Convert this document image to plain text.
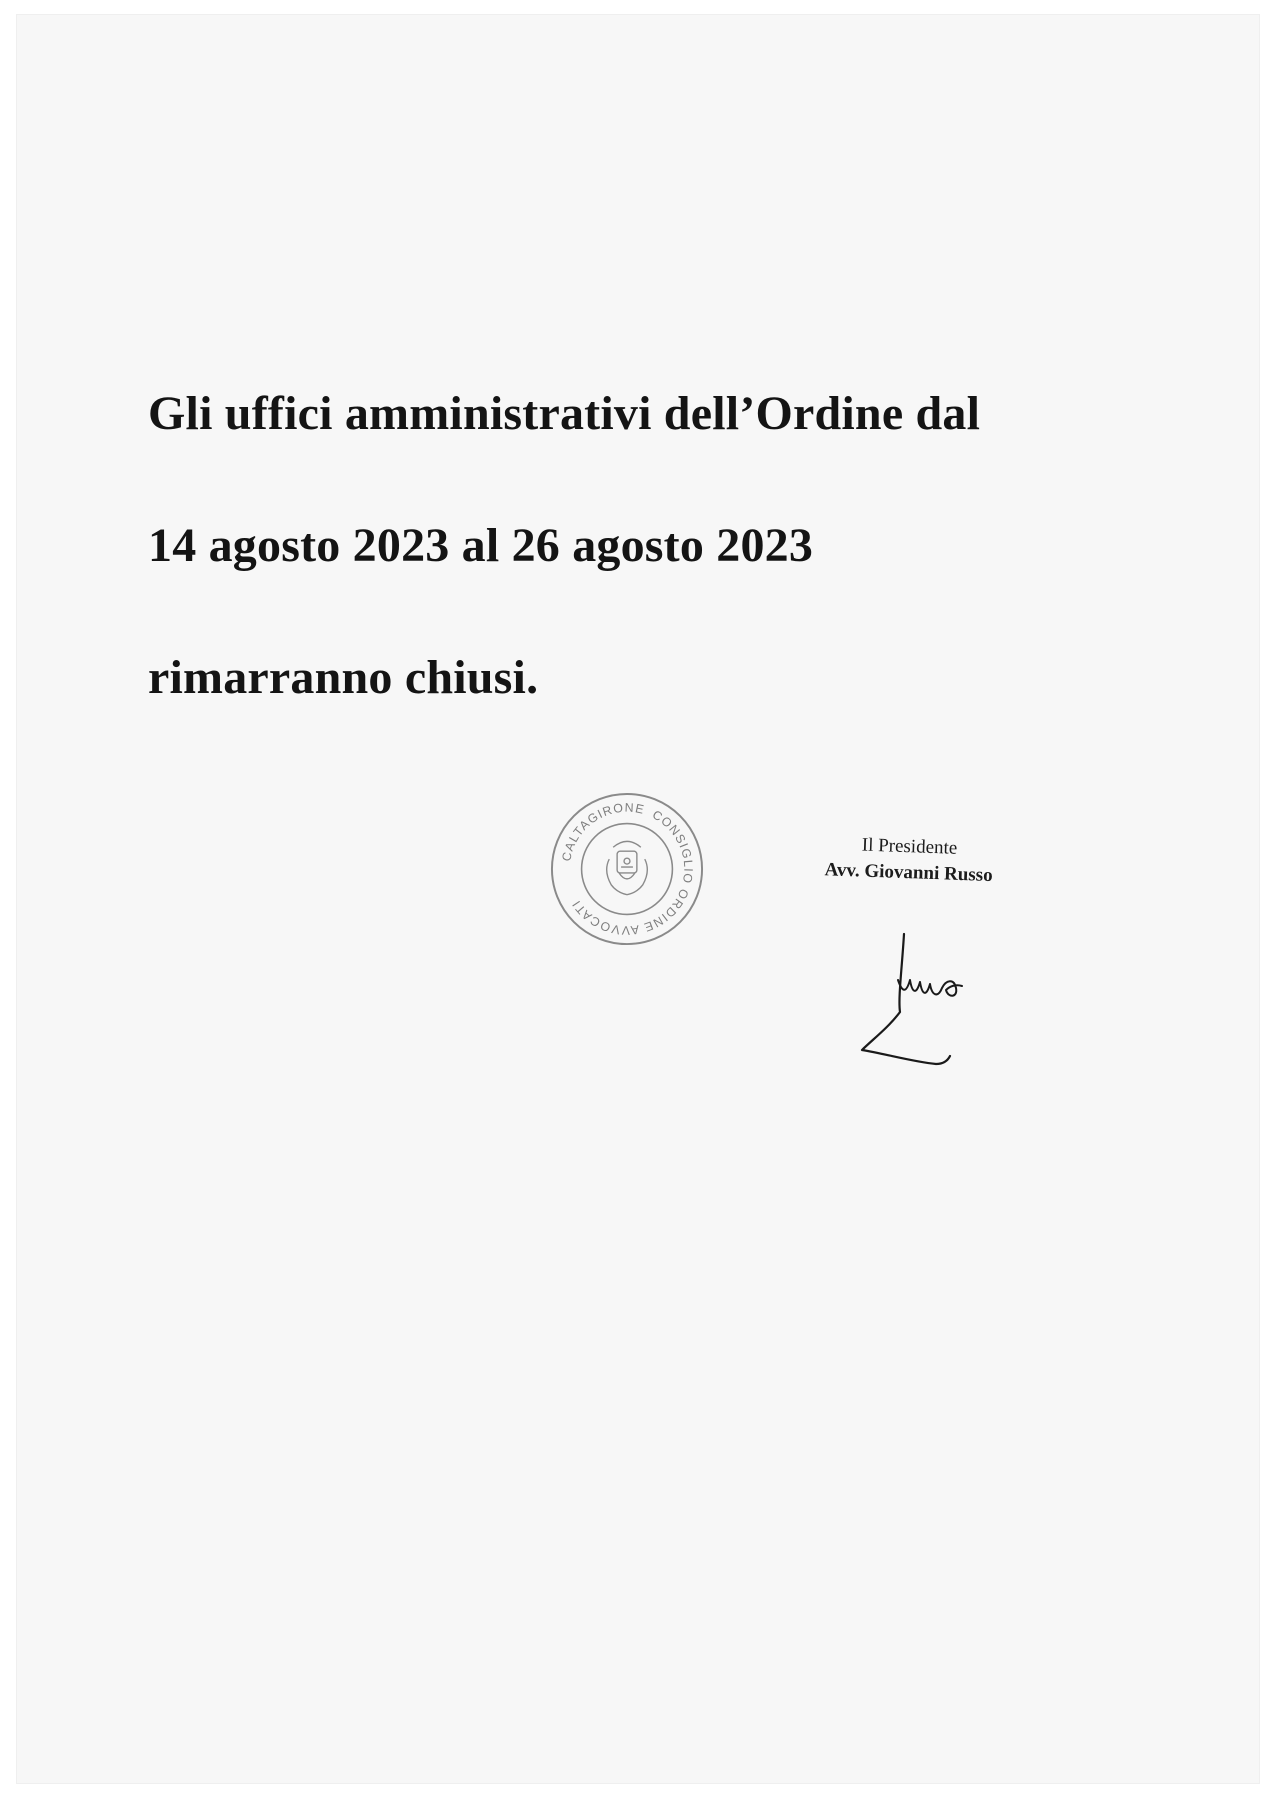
Gli uffici amministrativi dell’Ordine dal

14 agosto 2023 al 26 agosto 2023

rimarranno chiusi.

CALTAGIRONE CONSIGLIO ORDINE AVVOCATI
Il Presidente
Avv. Giovanni Russo
